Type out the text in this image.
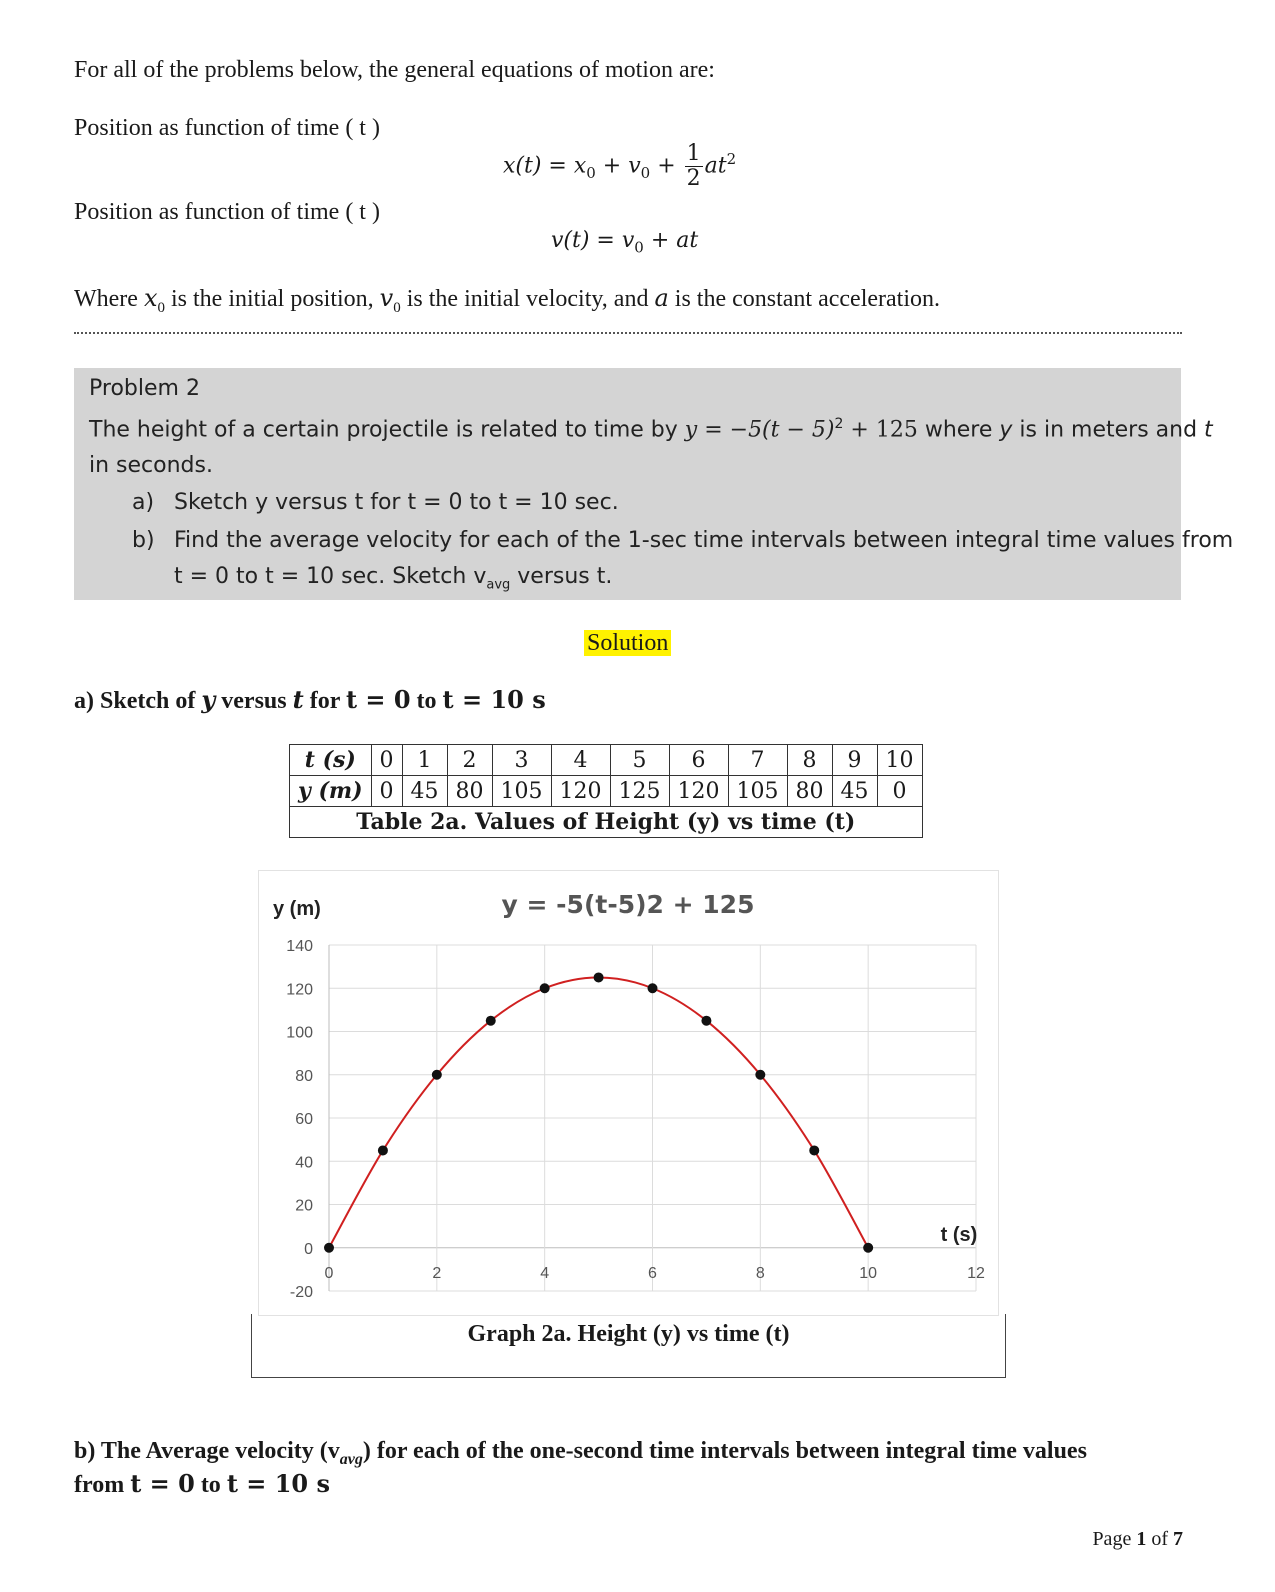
For all of the problems below, the general equations of motion are:
Position as function of time ( t )
$x(t) = x_0 + v_0 + \frac{1}{2} at^2$
Position as function of time ( t )
$v(t) = v_0$ + at
Where $x_0$ is the initial position, $v_0$ is the initial velocity, and a is the constant acceleration.
Problem 2
The height of a certain projectile is related to time by $y = -5(t - 5)^2 + 125$ where y is in meters and t
in seconds.
a) Sketch y versus t for t = 0 to t = 10 sec.
b) Find the average velocity for each of the 1-sec time intervals between integral time values from
t = 0 to t = 10 sec. Sketch $v_{avg}$ versus t.
Solution
a) Sketch of y versus t for t = 0 to t = 10 s
t (s)	0	1	2	3	4	5	6	7	8	9	10
y (m)	0	45	80	105	120	125	120	105	80	45	0
Table 2a. Values of Height (y) vs time (t)											
140
120
100
80
60
40
20
0
-20
0	2	4	6	8	10	12
y (m)	y = -5(t-5)2 + 125
t (s)
Graph 2a. Height (y) vs time (t)
b) The Average velocity $(v_{avg})$ for each of the one-second time intervals between integral time values
from t = 0 to t = 10 s
Page 1 of 7
